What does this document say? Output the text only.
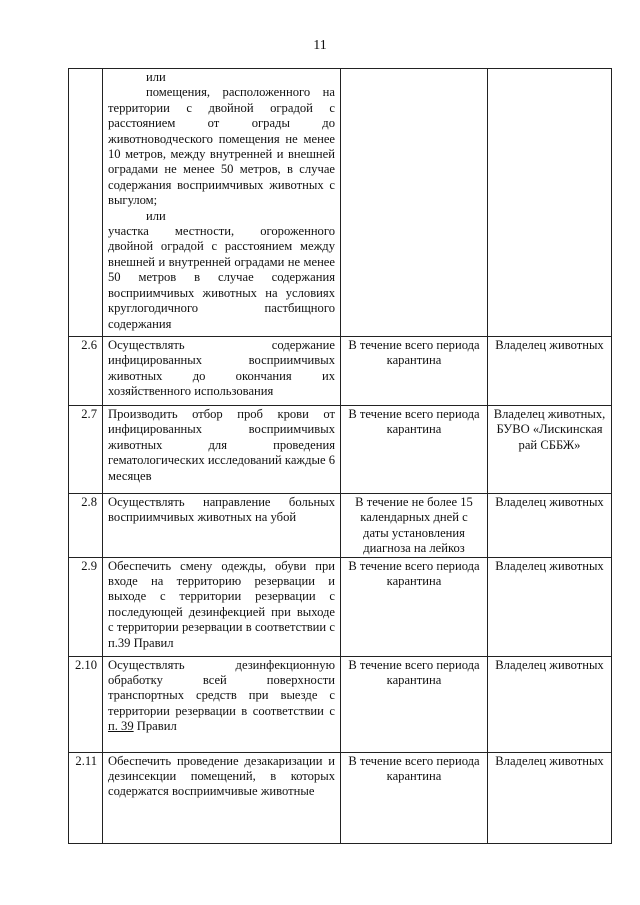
11

	или

помещения, расположенного на территории с двойной оградой с расстоянием от ограды до животноводческого помещения не менее 10 метров, между внутренней и внешней оградами не менее 50 метров, в случае содержания восприимчивых животных с выгулом;

или

участка местности, огороженного двойной оградой с расстоянием между внешней и внутренней оградами не менее 50 метров в случае содержания восприимчивых животных на условиях круглогодичного пастбищного содержания		

2.6	Осуществлять содержание инфицированных восприимчивых животных до окончания их хозяйственного использования	В течение всего периода карантина	Владелец животных
2.7	Производить отбор проб крови от инфицированных восприимчивых животных для проведения гематологических исследований каждые 6 месяцев	В течение всего периода карантина	Владелец животных, БУВО «Лискинская рай СББЖ»
2.8	Осуществлять направление больных восприимчивых животных на убой	В течение не более 15 календарных дней с даты установления диагноза на лейкоз	Владелец животных
2.9	Обеспечить смену одежды, обуви при входе на территорию резервации и выходе с территории резервации с последующей дезинфекцией при выходе с территории резервации в соответствии с п.39 Правил	В течение всего периода карантина	Владелец животных
2.10	Осуществлять дезинфекционную обработку всей поверхности транспортных средств при выезде с территории резервации в соответствии с п. 39 Правил	В течение всего периода карантина	Владелец животных
2.11	Обеспечить проведение дезакаризации и дезинсекции помещений, в которых содержатся восприимчивые животные	В течение всего периода карантина	Владелец животных
